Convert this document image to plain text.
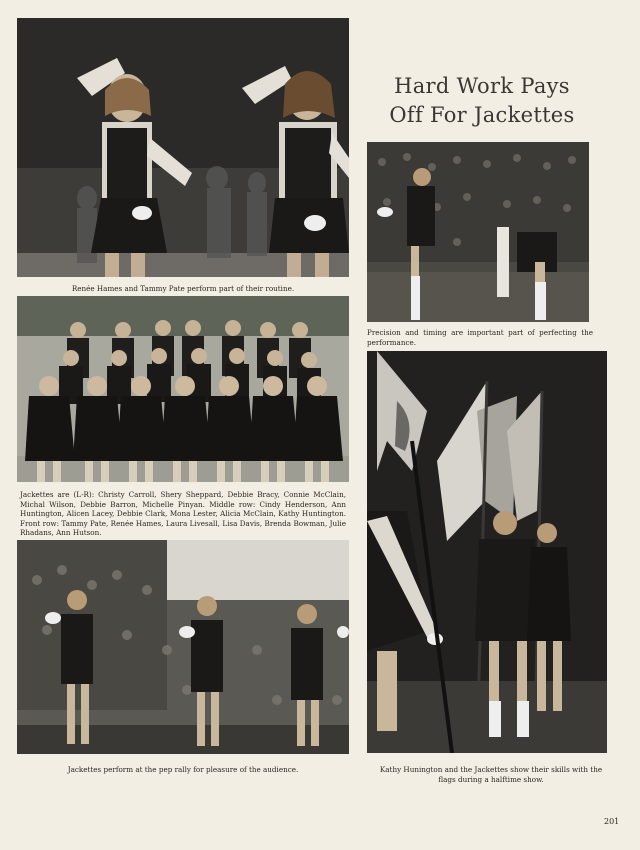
Hard Work Pays
Off For Jackettes
Renée Hames and Tammy Pate perform part of their routine.
Jackettes are (L-R): Christy Carroll, Shery Sheppard, Debbie Bracy, Connie McClain, Michal Wilson, Debbie Barron, Michelle Pinyan. Middle row: Cindy Henderson, Ann Huntington, Alicen Lacey, Debbie Clark, Mona Lester, Alicia McClain, Kathy Huntington. Front row: Tammy Pate, Renée Hames, Laura Livesall, Lisa Davis, Brenda Bowman, Julie Rhadans, Ann Hutson.
Jackettes perform at the pep rally for pleasure of the audience.
Precision and timing are important part of perfecting the performance.
Kathy Hunington and the Jackettes show their skills with the flags during a halftime show.
201
